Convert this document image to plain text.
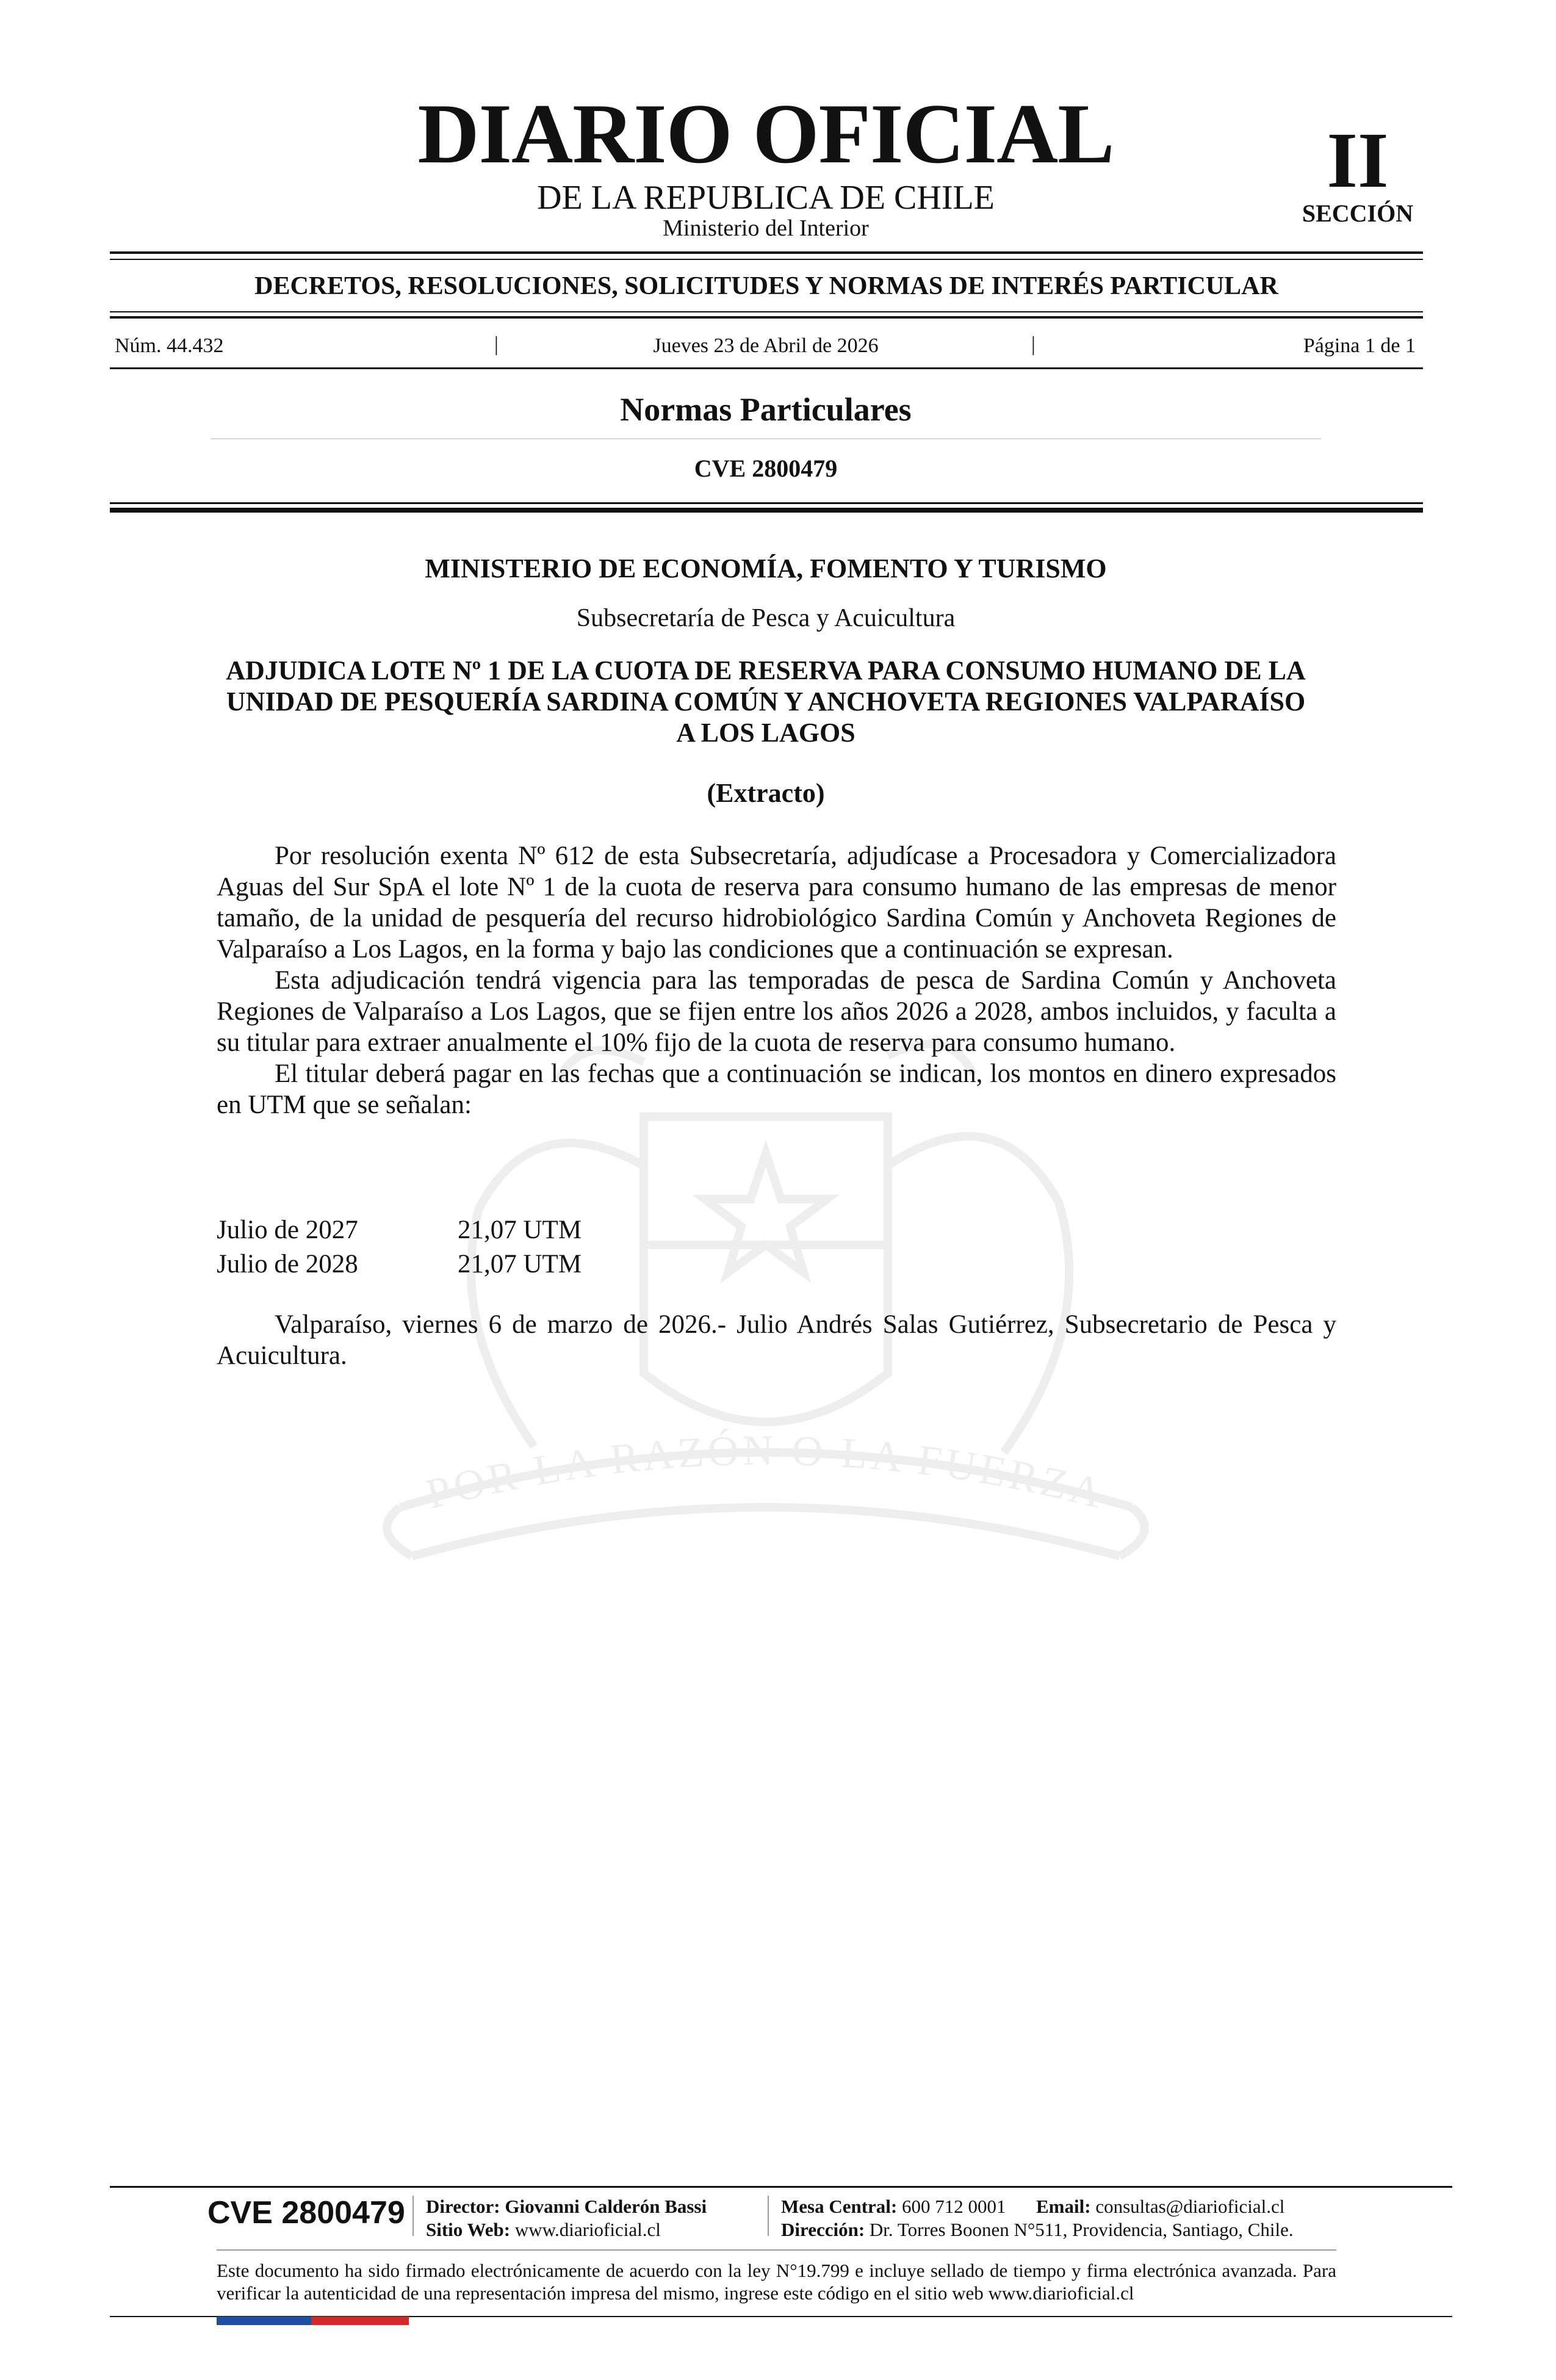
DIARIO OFICIAL
DE LA REPUBLICA DE CHILE
Ministerio del Interior
II
SECCIÓN
DECRETOS, RESOLUCIONES, SOLICITUDES Y NORMAS DE INTERÉS PARTICULAR
Núm. 44.432	|	Jueves 23 de Abril de 2026	|	Página 1 de 1
Normas Particulares
CVE 2800479
POR LA RAZÓN O LA FUERZA
MINISTERIO DE ECONOMÍA, FOMENTO Y TURISMO
Subsecretaría de Pesca y Acuicultura
ADJUDICA LOTE Nº 1 DE LA CUOTA DE RESERVA PARA CONSUMO HUMANO DE LA UNIDAD DE PESQUERÍA SARDINA COMÚN Y ANCHOVETA REGIONES VALPARAÍSO A LOS LAGOS
(Extracto)

Por resolución exenta Nº 612 de esta Subsecretaría, adjudícase a Procesadora y Comercializadora Aguas del Sur SpA el lote Nº 1 de la cuota de reserva para consumo humano de las empresas de menor tamaño, de la unidad de pesquería del recurso hidrobiológico Sardina Común y Anchoveta Regiones de Valparaíso a Los Lagos, en la forma y bajo las condiciones que a continuación se expresan.

Esta adjudicación tendrá vigencia para las temporadas de pesca de Sardina Común y Anchoveta Regiones de Valparaíso a Los Lagos, que se fijen entre los años 2026 a 2028, ambos incluidos, y faculta a su titular para extraer anualmente el 10% fijo de la cuota de reserva para consumo humano.

El titular deberá pagar en las fechas que a continuación se indican, los montos en dinero expresados en UTM que se señalan:

Julio de 2027	21,07 UTM
Julio de 2028	21,07 UTM

Valparaíso, viernes 6 de marzo de 2026.- Julio Andrés Salas Gutiérrez, Subsecretario de Pesca y Acuicultura.

CVE 2800479 Director: Giovanni Calderón Bassi
Sitio Web: www.diarioficial.cl
Mesa Central: 600 712 0001 Email: consultas@diarioficial.cl
Dirección: Dr. Torres Boonen N°511, Providencia, Santiago, Chile.
Este documento ha sido firmado electrónicamente de acuerdo con la ley N°19.799 e incluye sellado de tiempo y firma electrónica avanzada. Para verificar la autenticidad de una representación impresa del mismo, ingrese este código en el sitio web www.diarioficial.cl
